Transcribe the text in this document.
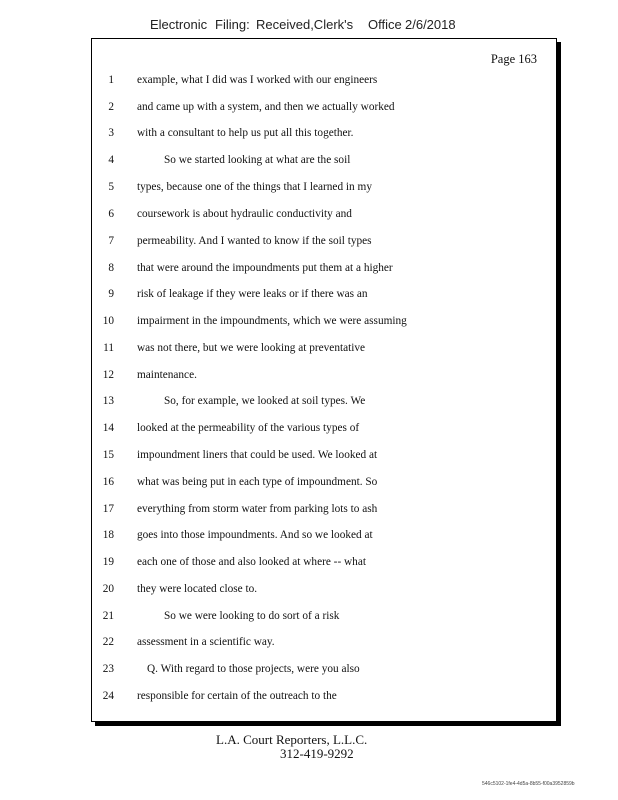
Electronic Filing: Received,Clerk's Office 2/6/2018
Page 163
1 example, what I did was I worked with our engineers
2 and came up with a system, and then we actually worked
3 with a consultant to help us put all this together.
4	So we started looking at what are the soil
5 types, because one of the things that I learned in my
6 coursework is about hydraulic conductivity and
7 permeability. And I wanted to know if the soil types
8 that were around the impoundments put them at a higher
9 risk of leakage if they were leaks or if there was an
10 impairment in the impoundments, which we were assuming
11 was not there, but we were looking at preventative
12 maintenance.
13	So, for example, we looked at soil types. We
14 looked at the permeability of the various types of
15 impoundment liners that could be used. We looked at
16 what was being put in each type of impoundment. So
17 everything from storm water from parking lots to ash
18 goes into those impoundments. And so we looked at
19 each one of those and also looked at where -- what
20 they were located close to.
21	So we were looking to do sort of a risk
22 assessment in a scientific way.
23	Q. With regard to those projects, were you also
24 responsible for certain of the outreach to the
L.A. Court Reporters, L.L.C.
312-419-9292
546c5102-1fe4-4d5a-8b55-f00a3952859b
